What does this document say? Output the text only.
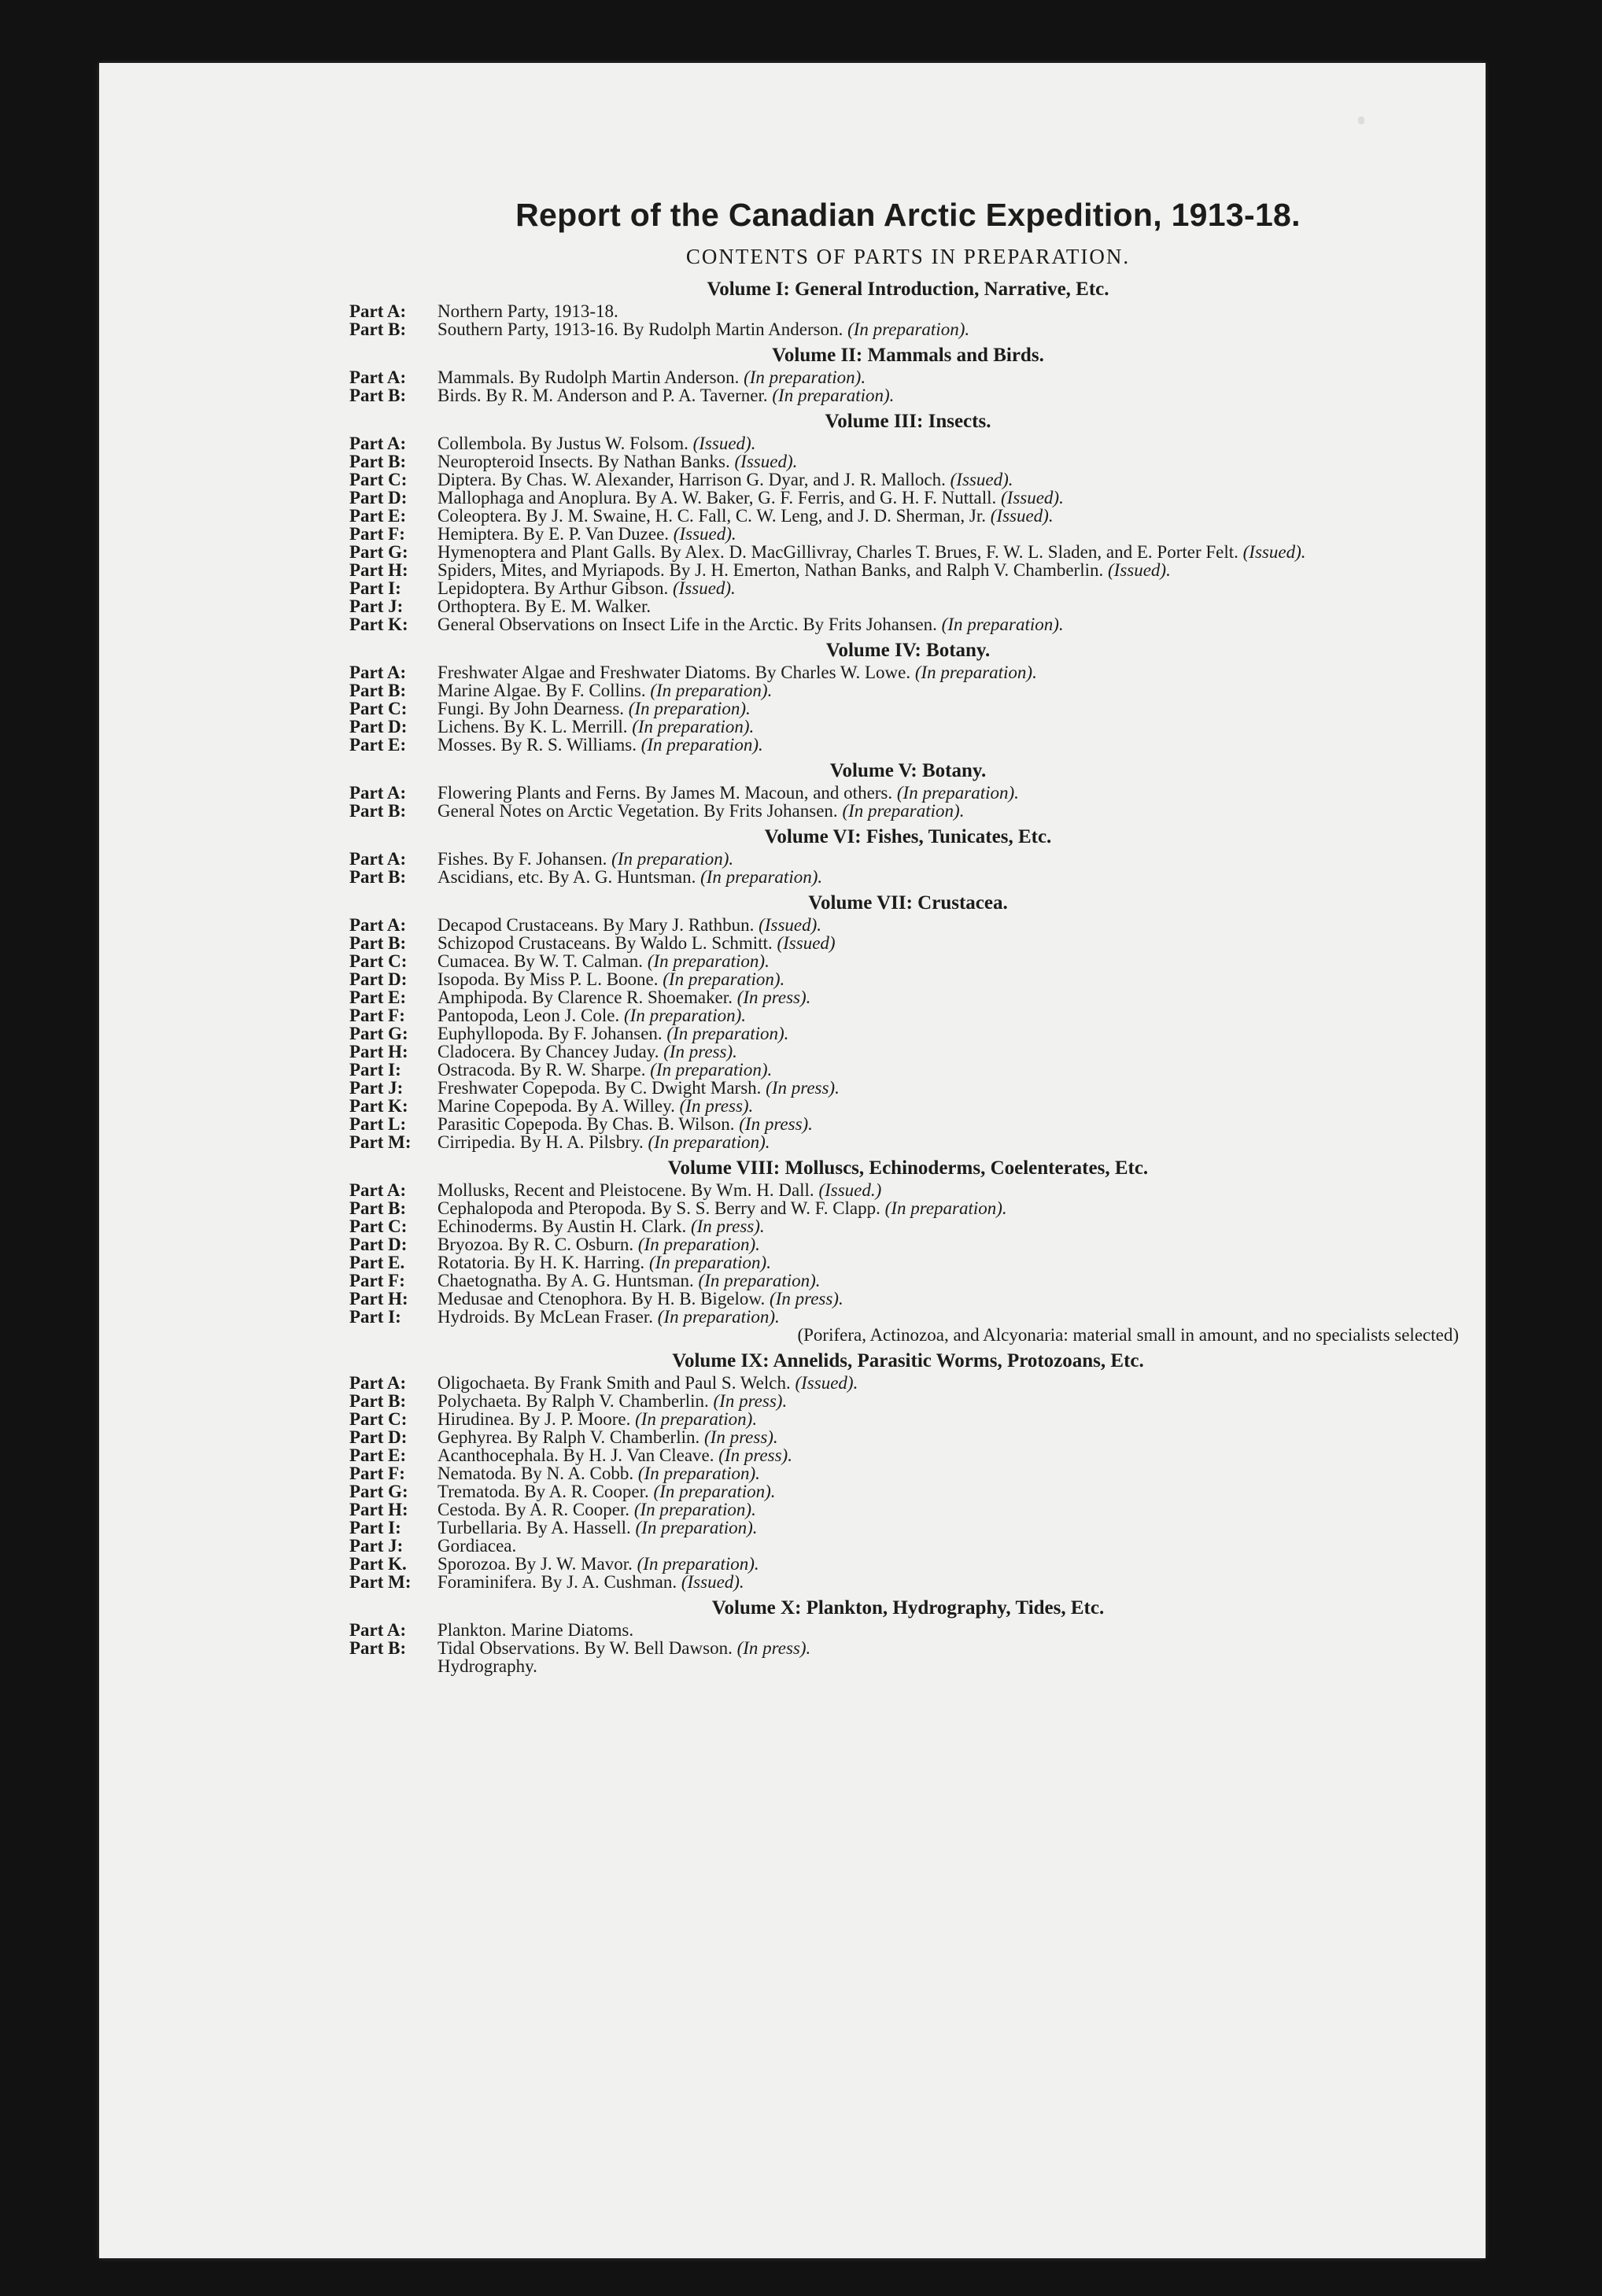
Report of the Canadian Arctic Expedition, 1913-18.
CONTENTS OF PARTS IN PREPARATION.
Volume I: General Introduction, Narrative, Etc.
Part A: Northern Party, 1913-18.
Part B: Southern Party, 1913-16. By Rudolph Martin Anderson. (In preparation).
Volume II: Mammals and Birds.
Part A: Mammals. By Rudolph Martin Anderson. (In preparation).
Part B: Birds. By R. M. Anderson and P. A. Taverner. (In preparation).
Volume III: Insects.
Part A: Collembola. By Justus W. Folsom. (Issued).
Part B: Neuropteroid Insects. By Nathan Banks. (Issued).
Part C: Diptera. By Chas. W. Alexander, Harrison G. Dyar, and J. R. Malloch. (Issued).
Part D: Mallophaga and Anoplura. By A. W. Baker, G. F. Ferris, and G. H. F. Nuttall. (Issued).
Part E: Coleoptera. By J. M. Swaine, H. C. Fall, C. W. Leng, and J. D. Sherman, Jr. (Issued).
Part F: Hemiptera. By E. P. Van Duzee. (Issued).
Part G: Hymenoptera and Plant Galls. By Alex. D. MacGillivray, Charles T. Brues, F. W. L. Sladen, and E. Porter Felt. (Issued).
Part H: Spiders, Mites, and Myriapods. By J. H. Emerton, Nathan Banks, and Ralph V. Chamberlin. (Issued).
Part I: Lepidoptera. By Arthur Gibson. (Issued).
Part J: Orthoptera. By E. M. Walker.
Part K: General Observations on Insect Life in the Arctic. By Frits Johansen. (In preparation).
Volume IV: Botany.
Part A: Freshwater Algae and Freshwater Diatoms. By Charles W. Lowe. (In preparation).
Part B: Marine Algae. By F. Collins. (In preparation).
Part C: Fungi. By John Dearness. (In preparation).
Part D: Lichens. By K. L. Merrill. (In preparation).
Part E: Mosses. By R. S. Williams. (In preparation).
Volume V: Botany.
Part A: Flowering Plants and Ferns. By James M. Macoun, and others. (In preparation).
Part B: General Notes on Arctic Vegetation. By Frits Johansen. (In preparation).
Volume VI: Fishes, Tunicates, Etc.
Part A: Fishes. By F. Johansen. (In preparation).
Part B: Ascidians, etc. By A. G. Huntsman. (In preparation).
Volume VII: Crustacea.
Part A: Decapod Crustaceans. By Mary J. Rathbun. (Issued).
Part B: Schizopod Crustaceans. By Waldo L. Schmitt. (Issued)
Part C: Cumacea. By W. T. Calman. (In preparation).
Part D: Isopoda. By Miss P. L. Boone. (In preparation).
Part E: Amphipoda. By Clarence R. Shoemaker. (In press).
Part F: Pantopoda, Leon J. Cole. (In preparation).
Part G: Euphyllopoda. By F. Johansen. (In preparation).
Part H: Cladocera. By Chancey Juday. (In press).
Part I: Ostracoda. By R. W. Sharpe. (In preparation).
Part J: Freshwater Copepoda. By C. Dwight Marsh. (In press).
Part K: Marine Copepoda. By A. Willey. (In press).
Part L: Parasitic Copepoda. By Chas. B. Wilson. (In press).
Part M: Cirripedia. By H. A. Pilsbry. (In preparation).
Volume VIII: Molluscs, Echinoderms, Coelenterates, Etc.
Part A: Mollusks, Recent and Pleistocene. By Wm. H. Dall. (Issued.)
Part B: Cephalopoda and Pteropoda. By S. S. Berry and W. F. Clapp. (In preparation).
Part C: Echinoderms. By Austin H. Clark. (In press).
Part D: Bryozoa. By R. C. Osburn. (In preparation).
Part E. Rotatoria. By H. K. Harring. (In preparation).
Part F: Chaetognatha. By A. G. Huntsman. (In preparation).
Part H: Medusae and Ctenophora. By H. B. Bigelow. (In press).
Part I: Hydroids. By McLean Fraser. (In preparation).
(Porifera, Actinozoa, and Alcyonaria: material small in amount, and no specialists selected)
Volume IX: Annelids, Parasitic Worms, Protozoans, Etc.
Part A: Oligochaeta. By Frank Smith and Paul S. Welch. (Issued).
Part B: Polychaeta. By Ralph V. Chamberlin. (In press).
Part C: Hirudinea. By J. P. Moore. (In preparation).
Part D: Gephyrea. By Ralph V. Chamberlin. (In press).
Part E: Acanthocephala. By H. J. Van Cleave. (In press).
Part F: Nematoda. By N. A. Cobb. (In preparation).
Part G: Trematoda. By A. R. Cooper. (In preparation).
Part H: Cestoda. By A. R. Cooper. (In preparation).
Part I: Turbellaria. By A. Hassell. (In preparation).
Part J: Gordiacea.
Part K. Sporozoa. By J. W. Mavor. (In preparation).
Part M: Foraminifera. By J. A. Cushman. (Issued).
Volume X: Plankton, Hydrography, Tides, Etc.
Part A: Plankton. Marine Diatoms.
Part B: Tidal Observations. By W. Bell Dawson. (In press).
Hydrography.
